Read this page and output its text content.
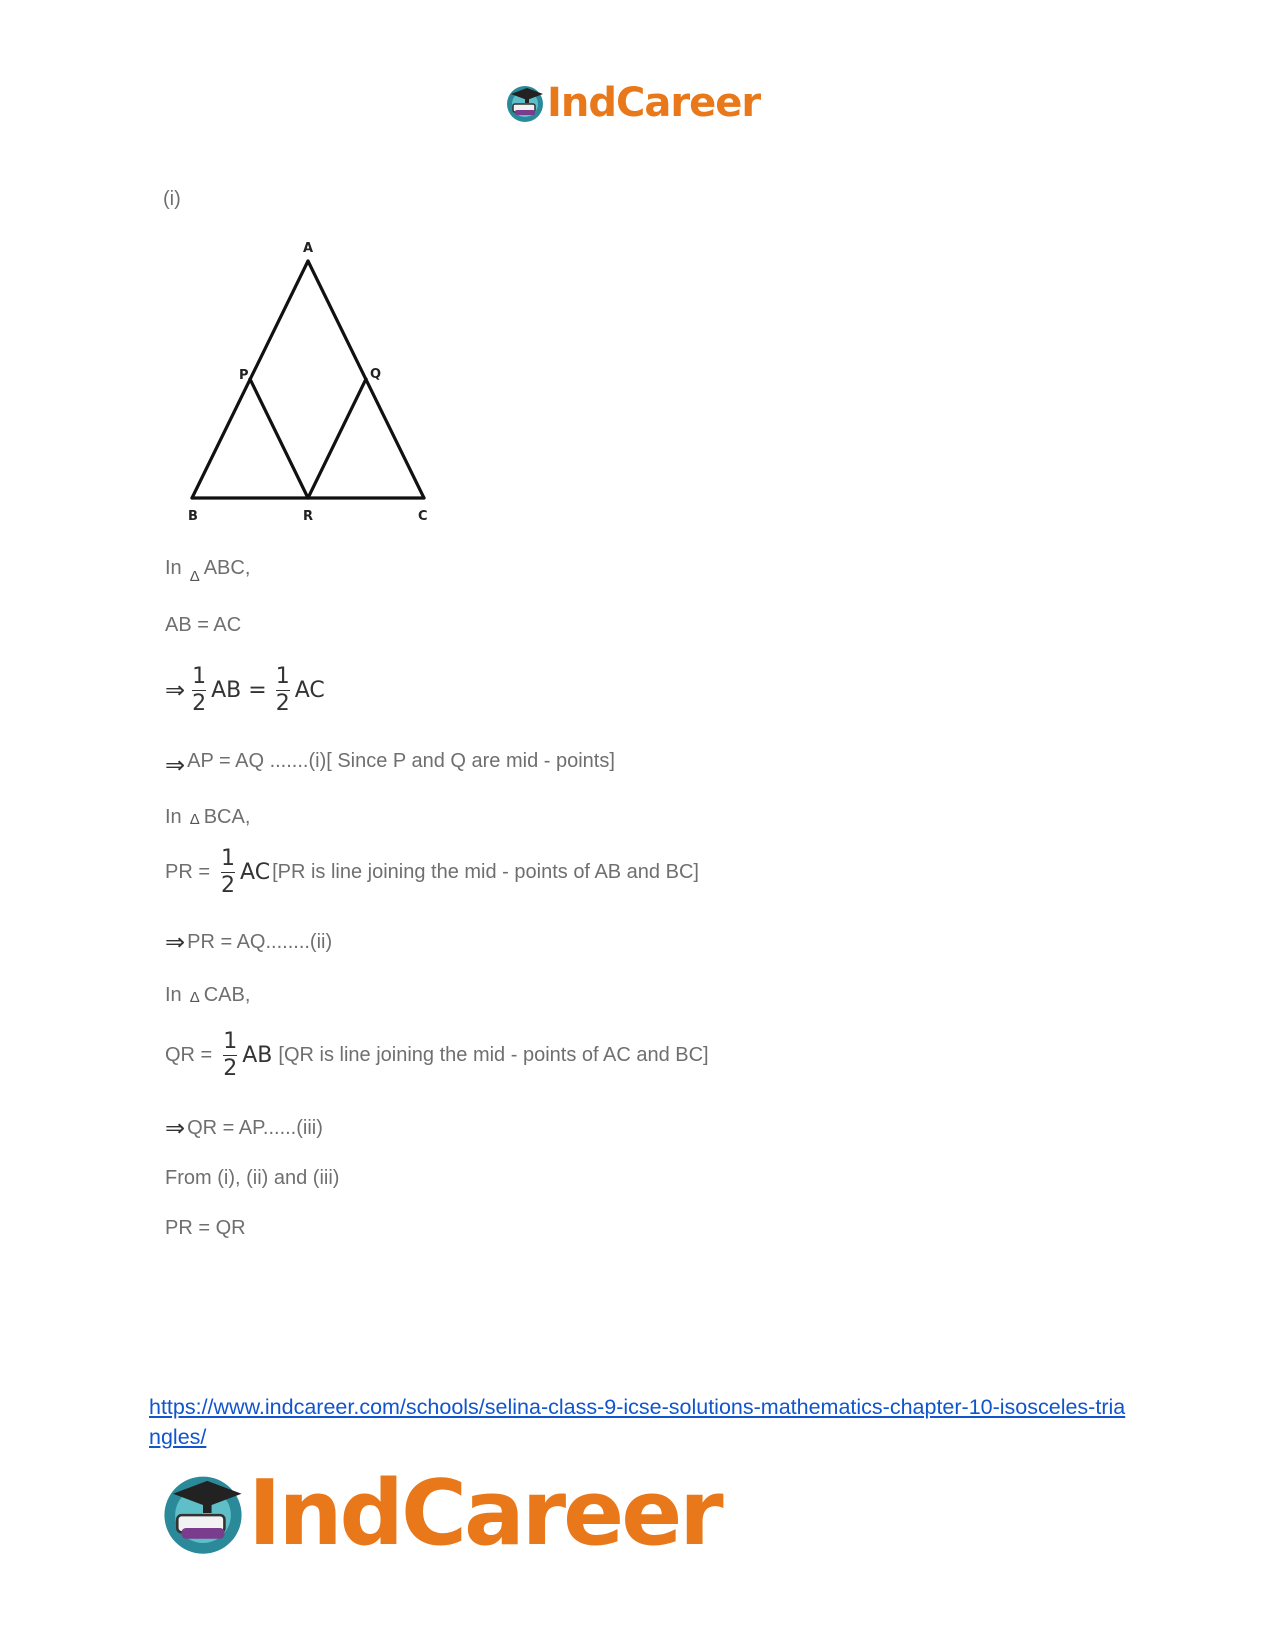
IndCareer
(i)
A
B	C
P	Q
R
In Δ ABC,
AB = AC
⇒ $\frac{1}{2}$ AB = $\frac{1}{2}$ AC
⇒ AP = AQ .......(i)[ Since P and Q are mid - points]
In Δ BCA,
PR = $\frac{1}{2}$ AC [PR is line joining the mid - points of AB and BC]
⇒ PR = AQ........(ii)
In Δ CAB,
QR = $\frac{1}{2}$ AB [QR is line joining the mid - points of AC and BC]
⇒ QR = AP......(iii)
From (i), (ii) and (iii)
PR = QR
https://www.indcareer.com/schools/selina-class-9-icse-solutions-mathematics-chapter-10-isosceles-triangles/
IndCareer
